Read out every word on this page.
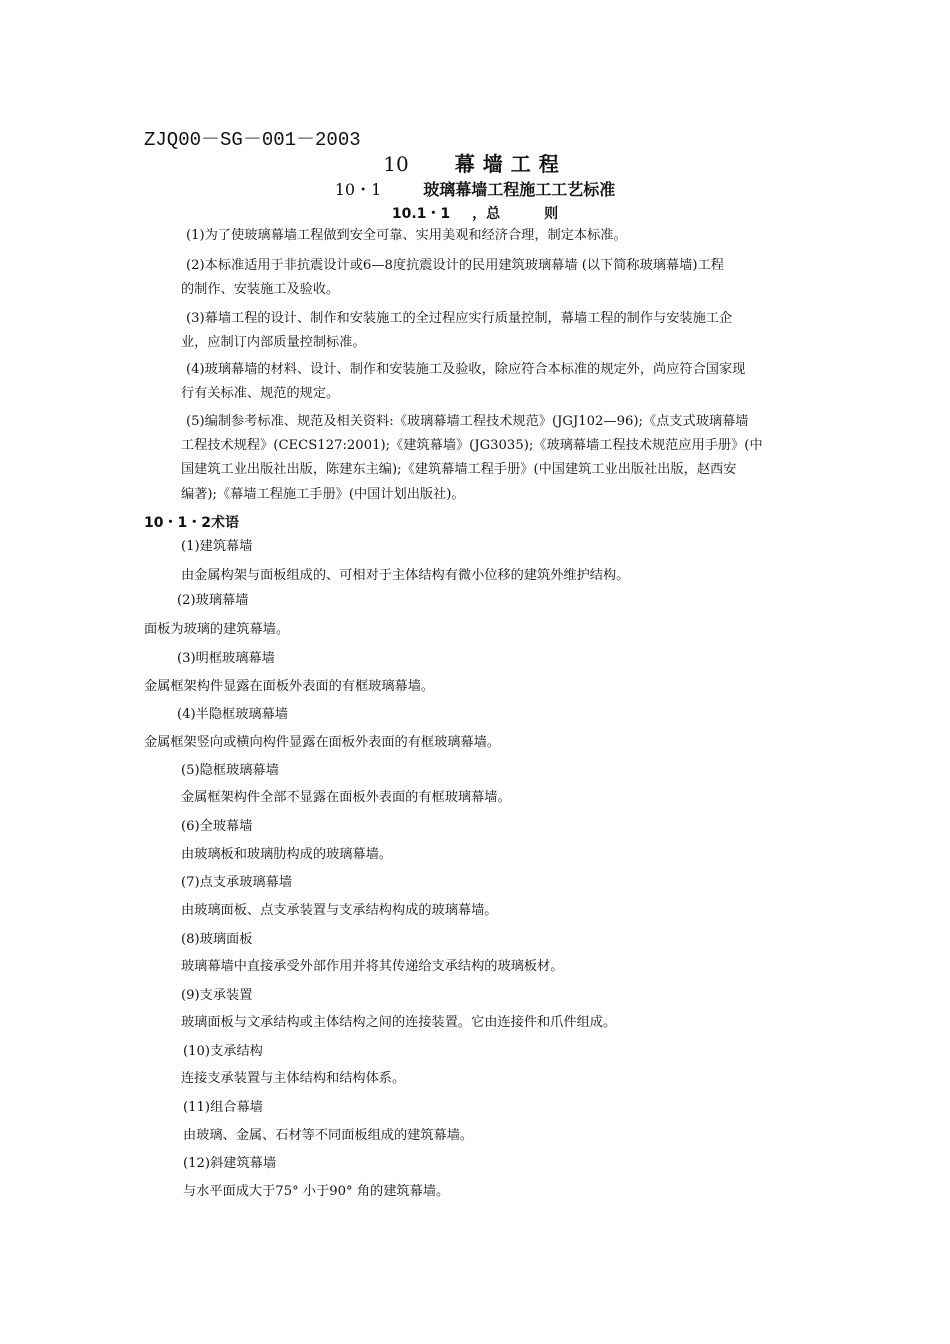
ZJQ00－SG－001－2003
10 幕墙工程
10・1	玻璃幕墙工程施工工艺标准
10.1・1 ，总	则

(1)为了使玻璃幕墙工程做到安全可靠、实用美观和经济合理，制定本标准。

(2)本标准适用于非抗震设计或6—8度抗震设计的民用建筑玻璃幕墙 (以下简称玻璃幕墙)工程

的制作、安装施工及验收。

(3)幕墙工程的设计、制作和安装施工的全过程应实行质量控制，幕墙工程的制作与安装施工企

业，应制订内部质量控制标准。

(4)玻璃幕墙的材料、设计、制作和安装施工及验收，除应符合本标准的规定外，尚应符合国家现

行有关标准、规范的规定。

(5)编制参考标准、规范及相关资料:《玻璃幕墙工程技术规范》(JGJ102—96);《点支式玻璃幕墙

工程技术规程》(CECS127:2001);《建筑幕墙》(JG3035);《玻璃幕墙工程技术规范应用手册》(中

国建筑工业出版社出版，陈建东主编);《建筑幕墙工程手册》(中国建筑工业出版社出版，赵西安

编著);《幕墙工程施工手册》(中国计划出版社)。

10・1・2术语

(1)建筑幕墙

由金属构架与面板组成的、可相对于主体结构有微小位移的建筑外维护结构。

(2)玻璃幕墙

面板为玻璃的建筑幕墙。

(3)明框玻璃幕墙

金属框架构件显露在面板外表面的有框玻璃幕墙。

(4)半隐框玻璃幕墙

金属框架竖向或横向构件显露在面板外表面的有框玻璃幕墙。

(5)隐框玻璃幕墙

金属框架构件全部不显露在面板外表面的有框玻璃幕墙。

(6)全玻幕墙

由玻璃板和玻璃肋构成的玻璃幕墙。

(7)点支承玻璃幕墙

由玻璃面板、点支承装置与支承结构构成的玻璃幕墙。

(8)玻璃面板

玻璃幕墙中直接承受外部作用并将其传递给支承结构的玻璃板材。

(9)支承装置

玻璃面板与文承结构或主体结构之间的连接装置。它由连接件和爪件组成。

(10)支承结构

连接支承装置与主体结构和结构体系。

(11)组合幕墙

由玻璃、金属、石材等不同面板组成的建筑幕墙。

(12)斜建筑幕墙

与水平面成大于75° 小于90° 角的建筑幕墙。
